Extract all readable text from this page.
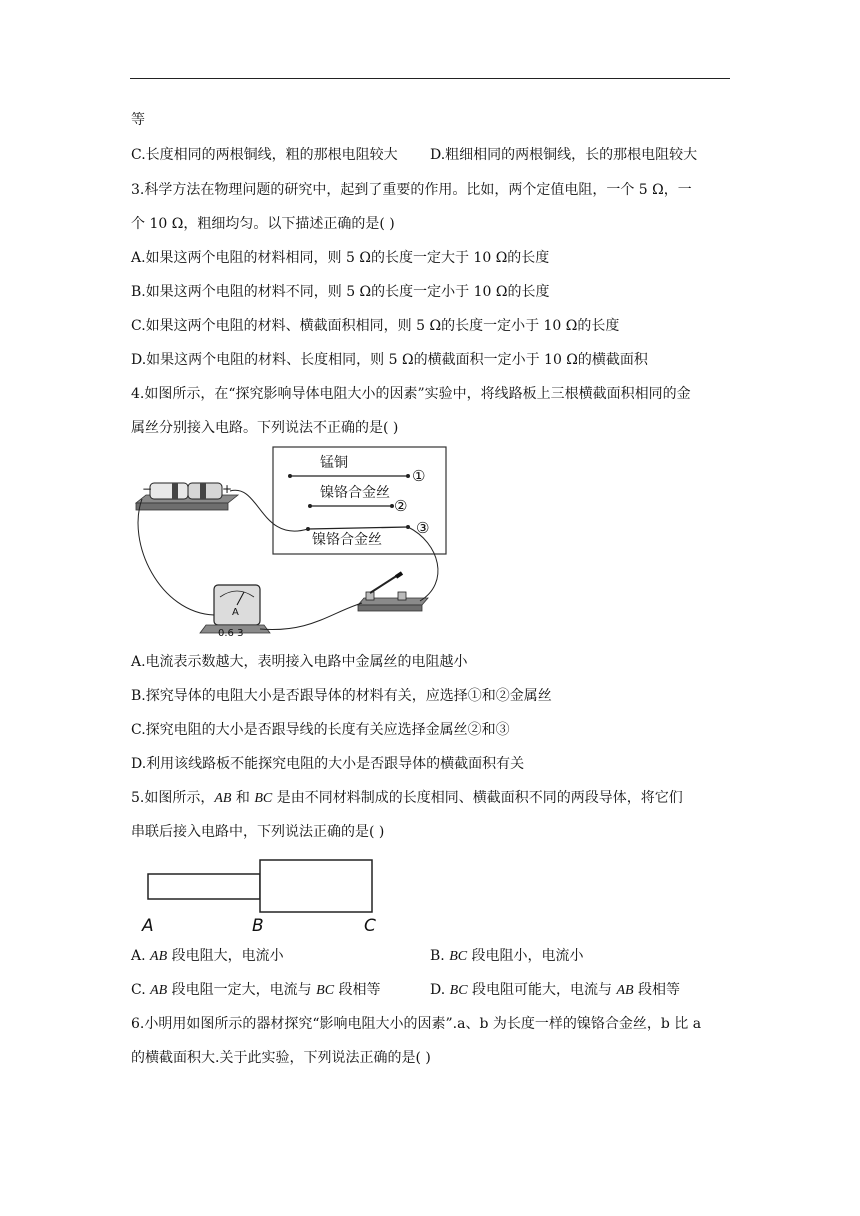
等
C.长度相同的两根铜线，粗的那根电阻较大 D.粗细相同的两根铜线，长的那根电阻较大
3.科学方法在物理问题的研究中，起到了重要的作用。比如，两个定值电阻，一个 5 Ω，一
个 10 Ω，粗细均匀。以下描述正确的是( )
A.如果这两个电阻的材料相同，则 5 Ω的长度一定大于 10 Ω的长度
B.如果这两个电阻的材料不同，则 5 Ω的长度一定小于 10 Ω的长度
C.如果这两个电阻的材料、横截面积相同，则 5 Ω的长度一定小于 10 Ω的长度
D.如果这两个电阻的材料、长度相同，则 5 Ω的横截面积一定小于 10 Ω的横截面积
4.如图所示，在“探究影响导体电阻大小的因素”实验中，将线路板上三根横截面积相同的金
属丝分别接入电路。下列说法不正确的是( )
锰铜
①
镍铬合金丝
②
镍铬合金丝
③
−	+
A
0.6 3
A.电流表示数越大，表明接入电路中金属丝的电阻越小
B.探究导体的电阻大小是否跟导体的材料有关，应选择①和②金属丝
C.探究电阻的大小是否跟导线的长度有关应选择金属丝②和③
D.利用该线路板不能探究电阻的大小是否跟导体的横截面积有关
5.如图所示，AB 和 BC 是由不同材料制成的长度相同、横截面积不同的两段导体，将它们
串联后接入电路中，下列说法正确的是( )
A	B	C
A. AB 段电阻大，电流小	B. BC 段电阻小，电流小
C. AB 段电阻一定大，电流与 BC 段相等	D. BC 段电阻可能大，电流与 AB 段相等
6.小明用如图所示的器材探究“影响电阻大小的因素”.a、b 为长度一样的镍铬合金丝，b 比 a
的横截面积大.关于此实验，下列说法正确的是( )
